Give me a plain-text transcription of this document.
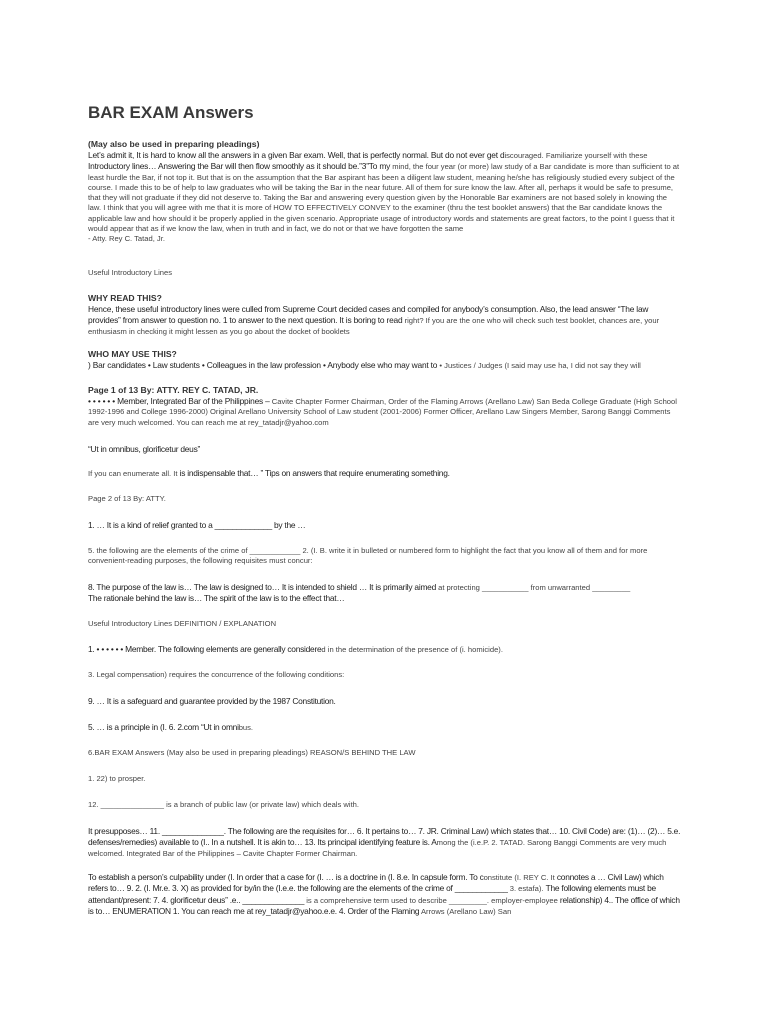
BAR EXAM Answers
(May also be used in preparing pleadings)
Let’s admit it, It is hard to know all the answers in a given Bar exam. Well, that is perfectly normal. But do not ever get discouraged. Familiarize yourself with these
Introductory lines… Answering the Bar will then flow smoothly as it should be.”3”To my mind, the four year (or more) law study of a Bar candidate is more than sufficient to at least hurdle the Bar, if not top it. But that is on the assumption that the Bar aspirant has been a diligent law student, meaning he/she has religiously studied every subject of the course. I made this to be of help to law graduates who will be taking the Bar in the near future. All of them for sure know the law. After all, perhaps it would be safe to presume, that they will not graduate if they did not deserve to. Taking the Bar and answering every question given by the Honorable Bar examiners are not based solely in knowing the law. I think that you will agree with me that it is more of HOW TO EFFECTIVELY CONVEY to the examiner (thru the test booklet answers) that the Bar candidate knows the applicable law and how should it be properly applied in the given scenario. Appropriate usage of introductory words and statements are great factors, to the point I guess that it would appear that as if we know the law, when in truth and in fact, we do not or that we have forgotten the same
- Atty. Rey C. Tatad, Jr.
Useful Introductory Lines
WHY READ THIS?
Hence, these useful introductory lines were culled from Supreme Court decided cases and compiled for anybody’s consumption. Also, the lead answer “The law provides” from answer to question no. 1 to answer to the next question. It is boring to read right? If you are the one who will check such test booklet, chances are, your enthusiasm in checking it might lessen as you go about the docket of booklets
WHO MAY USE THIS?
) Bar candidates • Law students • Colleagues in the law profession • Anybody else who may want to • Justices / Judges (I said may use ha, I did not say they will
Page 1 of 13 By: ATTY. REY C. TATAD, JR.
• • • • • • Member, Integrated Bar of the Philippines – Cavite Chapter Former Chairman, Order of the Flaming Arrows (Arellano Law) San Beda College Graduate (High School 1992-1996 and College 1996-2000) Original Arellano University School of Law student (2001-2006) Former Officer, Arellano Law Singers Member, Sarong Banggi Comments are very much welcomed. You can reach me at rey_tatadjr@yahoo.com
“Ut in omnibus, glorificetur deus”
If you can enumerate all. It is indispensable that… ” Tips on answers that require enumerating something.
Page 2 of 13 By: ATTY.
1. … It is a kind of relief granted to a _____________ by the …
5. the following are the elements of the crime of ____________ 2. (I. B. write it in bulleted or numbered form to highlight the fact that you know all of them and for more convenient-reading purposes, the following requisites must concur:
8. The purpose of the law is… The law is designed to… It is intended to shield … It is primarily aimed at protecting ___________ from unwarranted _________
The rationale behind the law is… The spirit of the law is to the effect that…
Useful Introductory Lines DEFINITION / EXPLANATION
1. • • • • • • Member. The following elements are generally considered in the determination of the presence of (i. homicide).
3. Legal compensation) requires the concurrence of the following conditions:
9. … It is a safeguard and guarantee provided by the 1987 Constitution.
5. … is a principle in (I. 6. 2.com “Ut in omnibus.
6.BAR EXAM Answers (May also be used in preparing pleadings) REASON/S BEHIND THE LAW
1. 22) to prosper.
12. _______________ is a branch of public law (or private law) which deals with.
It presupposes… 11. ______________. The following are the requisites for… 6. It pertains to… 7. JR. Criminal Law) which states that… 10. Civil Code) are: (1)… (2)… 5.e. defenses/remedies) available to (I.. In a nutshell. It is akin to… 13. Its principal identifying feature is. Among the (i.e.P. 2. TATAD. Sarong Banggi Comments are very much welcomed. Integrated Bar of the Philippines – Cavite Chapter Former Chairman.
To establish a person’s culpability under (I. In order that a case for (I. … is a doctrine in (I. 8.e. In capsule form. To constitute (I. REY C. It connotes a … Civil Law) which refers to… 9. 2. (I. Mr.e. 3. X) as provided for by/in the (I.e.e. the following are the elements of the crime of ____________ 3. estafa). The following elements must be attendant/present: 7. 4. glorificetur deus” .e.. ______________ is a comprehensive term used to describe _________. employer-employee relationship) 4.. The office of which is to… ENUMERATION 1. You can reach me at rey_tatadjr@yahoo.e.e. 4. Order of the Flaming Arrows (Arellano Law) San
